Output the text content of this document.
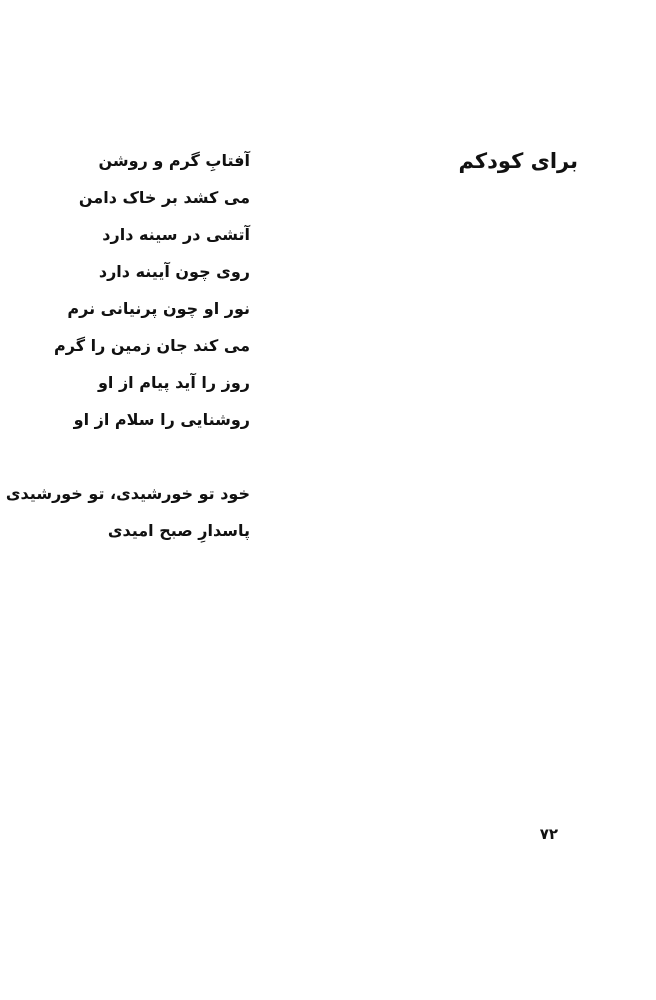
برای کودکم
آفتابِ گرم و روشن
می کشد بر خاک دامن
آتشی در سینه دارد
روی چون آیینه دارد
نور او چون پرنیانی نرم
می کند جان زمین را گرم
روز را آید پیام از او
روشنایی را سلام از او
خود تو خورشیدی، تو خورشیدی
پاسدارِ صبح امیدی
۷۲
